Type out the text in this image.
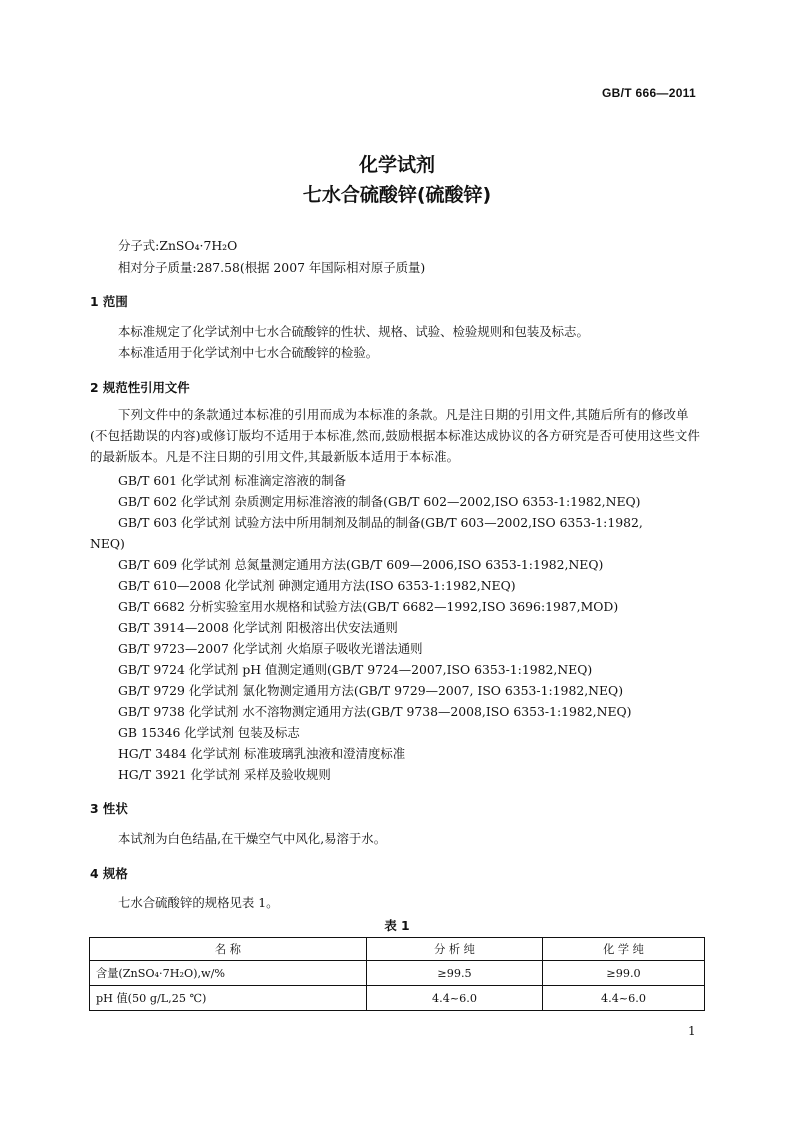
GB/T 666—2011
化学试剂
七水合硫酸锌(硫酸锌)
分子式:ZnSO₄·7H₂O
相对分子质量:287.58(根据 2007 年国际相对原子质量)
1 范围
本标准规定了化学试剂中七水合硫酸锌的性状、规格、试验、检验规则和包装及标志。
本标准适用于化学试剂中七水合硫酸锌的检验。
2 规范性引用文件
下列文件中的条款通过本标准的引用而成为本标准的条款。凡是注日期的引用文件,其随后所有的修改单(不包括勘误的内容)或修订版均不适用于本标准,然而,鼓励根据本标准达成协议的各方研究是否可使用这些文件的最新版本。凡是不注日期的引用文件,其最新版本适用于本标准。
GB/T 601 化学试剂 标准滴定溶液的制备
GB/T 602 化学试剂 杂质测定用标准溶液的制备(GB/T 602—2002,ISO 6353-1:1982,NEQ)
GB/T 603 化学试剂 试验方法中所用制剂及制品的制备(GB/T 603—2002,ISO 6353-1:1982,
NEQ)
GB/T 609 化学试剂 总氮量测定通用方法(GB/T 609—2006,ISO 6353-1:1982,NEQ)
GB/T 610—2008 化学试剂 砷测定通用方法(ISO 6353-1:1982,NEQ)
GB/T 6682 分析实验室用水规格和试验方法(GB/T 6682—1992,ISO 3696:1987,MOD)
GB/T 3914—2008 化学试剂 阳极溶出伏安法通则
GB/T 9723—2007 化学试剂 火焰原子吸收光谱法通则
GB/T 9724 化学试剂 pH 值测定通则(GB/T 9724—2007,ISO 6353-1:1982,NEQ)
GB/T 9729 化学试剂 氯化物测定通用方法(GB/T 9729—2007, ISO 6353-1:1982,NEQ)
GB/T 9738 化学试剂 水不溶物测定通用方法(GB/T 9738—2008,ISO 6353-1:1982,NEQ)
GB 15346 化学试剂 包装及标志
HG/T 3484 化学试剂 标准玻璃乳浊液和澄清度标准
HG/T 3921 化学试剂 采样及验收规则
3 性状
本试剂为白色结晶,在干燥空气中风化,易溶于水。
4 规格
七水合硫酸锌的规格见表 1。
表 1
名 称	分 析 纯	化 学 纯
含量(ZnSO₄·7H₂O),w/%	≥99.5	≥99.0
pH 值(50 g/L,25 ℃)	4.4~6.0	4.4~6.0
1
